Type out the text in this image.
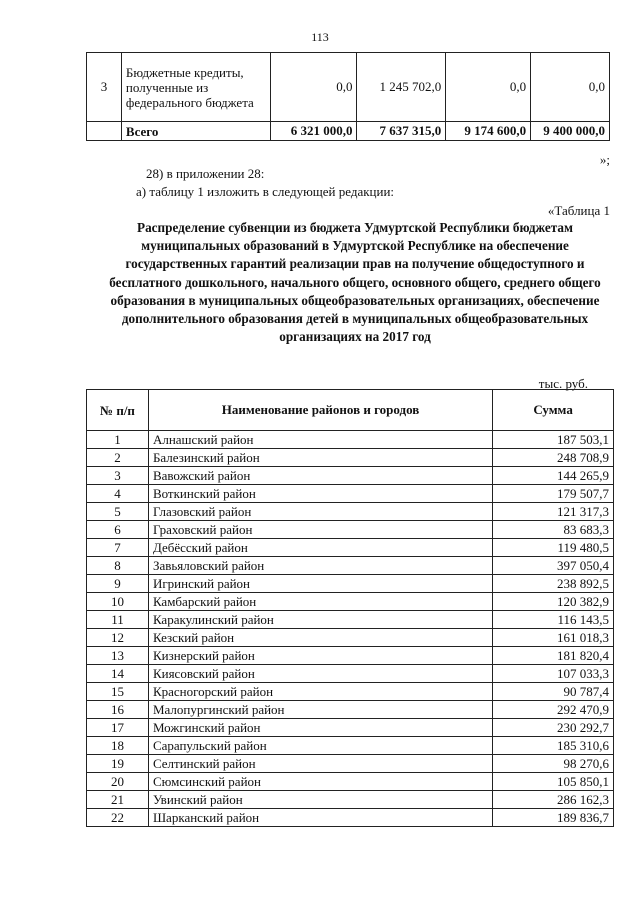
113
3	Бюджетные кредиты, полученные из федерального бюджета	0,0	1 245 702,0	0,0	0,0
	Всего	6 321 000,0	7 637 315,0	9 174 600,0	9 400 000,0
»;
28) в приложении 28:
а) таблицу 1 изложить в следующей редакции:
«Таблица 1
Распределение субвенции из бюджета Удмуртской Республики бюджетам муниципальных образований в Удмуртской Республике на обеспечение государственных гарантий реализации прав на получение общедоступного и бесплатного дошкольного, начального общего, основного общего, среднего общего образования в муниципальных общеобразовательных организациях, обеспечение дополнительного образования детей в муниципальных общеобразовательных организациях на 2017 год
тыс. руб.
№ п/п	Наименование районов и городов	Сумма
1	Алнашский район	187 503,1
2	Балезинский район	248 708,9
3	Вавожский район	144 265,9
4	Воткинский район	179 507,7
5	Глазовский район	121 317,3
6	Граховский район	83 683,3
7	Дебёсский район	119 480,5
8	Завьяловский район	397 050,4
9	Игринский район	238 892,5
10	Камбарский район	120 382,9
11	Каракулинский район	116 143,5
12	Кезский район	161 018,3
13	Кизнерский район	181 820,4
14	Киясовский район	107 033,3
15	Красногорский район	90 787,4
16	Малопургинский район	292 470,9
17	Можгинский район	230 292,7
18	Сарапульский район	185 310,6
19	Селтинский район	98 270,6
20	Сюмсинский район	105 850,1
21	Увинский район	286 162,3
22	Шарканский район	189 836,7
